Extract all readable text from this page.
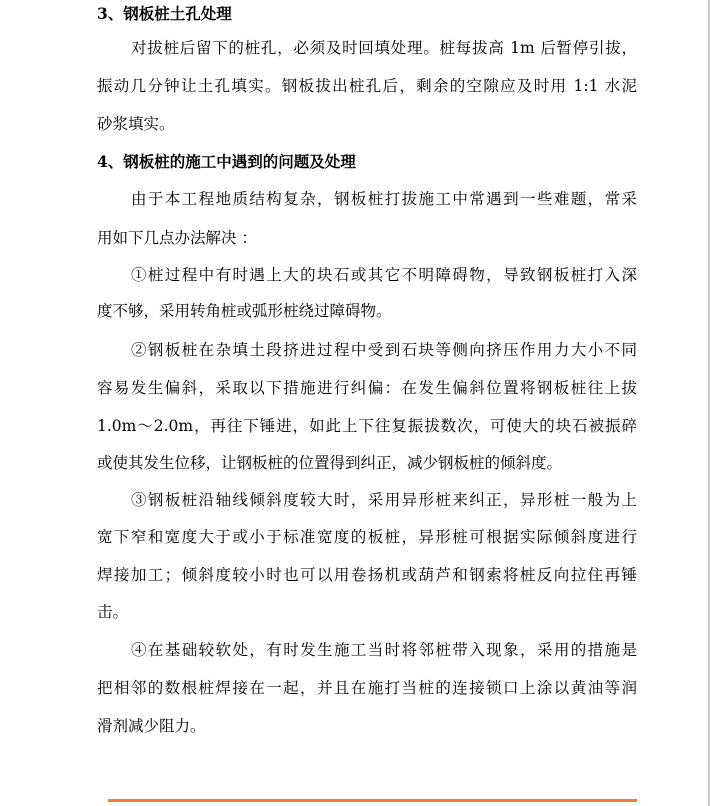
3、钢板桩土孔处理
对拔桩后留下的桩孔，必须及时回填处理。桩每拔高 1m 后暂停引拔，
振动几分钟让土孔填实。钢板拔出桩孔后，剩余的空隙应及时用 1:1 水泥
砂浆填实。
4、钢板桩的施工中遇到的问题及处理
由于本工程地质结构复杂，钢板桩打拔施工中常遇到一些难题，常采
用如下几点办法解决 ：
①桩过程中有时遇上大的块石或其它不明障碍物，导致钢板桩打入深
度不够，采用转角桩或弧形桩绕过障碍物。
②钢板桩在杂填土段挤进过程中受到石块等侧向挤压作用力大小不同
容易发生偏斜，采取以下措施进行纠偏：在发生偏斜位置将钢板桩往上拔
1.0m～2.0m，再往下锤进，如此上下往复振拔数次，可使大的块石被振碎
或使其发生位移，让钢板桩的位置得到纠正，减少钢板桩的倾斜度。
③钢板桩沿轴线倾斜度较大时，采用异形桩来纠正，异形桩一般为上
宽下窄和宽度大于或小于标准宽度的板桩，异形桩可根据实际倾斜度进行
焊接加工；倾斜度较小时也可以用卷扬机或葫芦和钢索将桩反向拉住再锤
击。
④在基础较软处，有时发生施工当时将邻桩带入现象，采用的措施是
把相邻的数根桩焊接在一起，并且在施打当桩的连接锁口上涂以黄油等润
滑剂减少阻力。
